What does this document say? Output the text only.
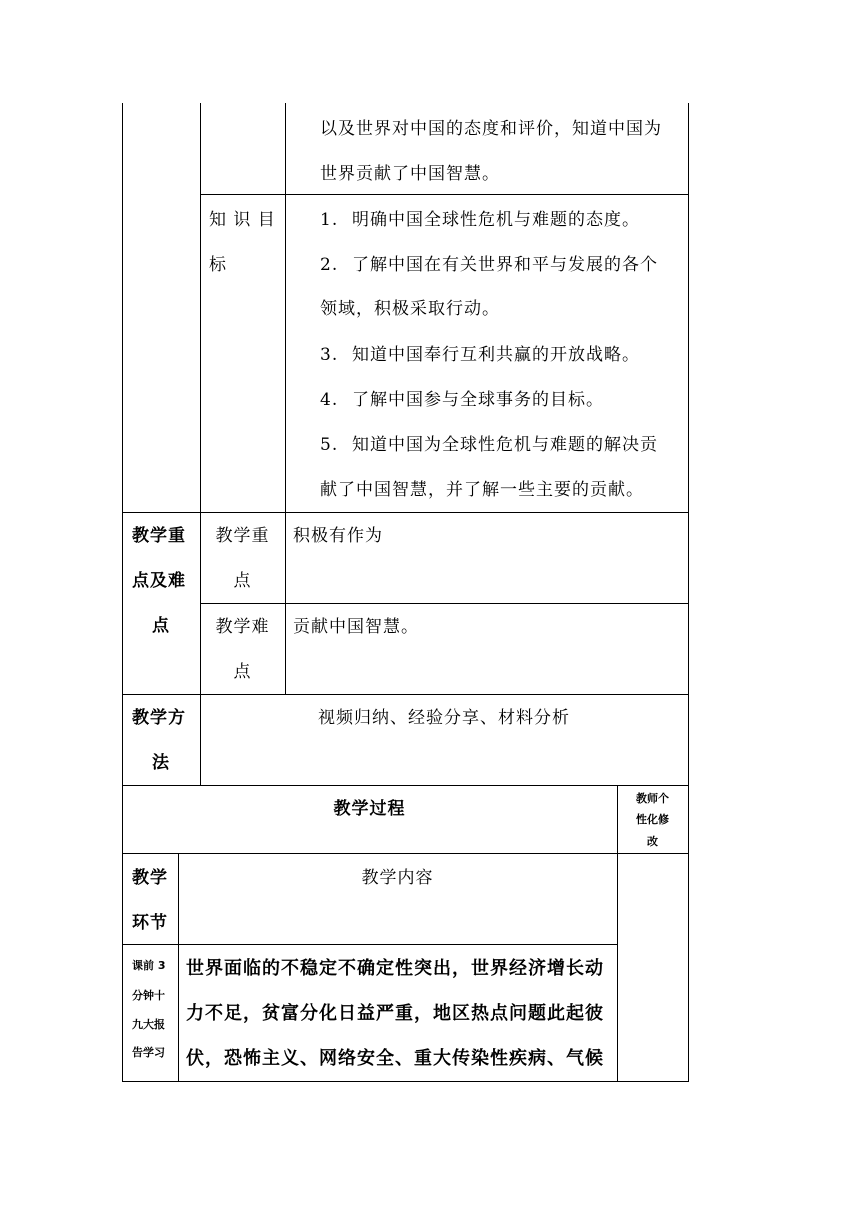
以及世界对中国的态度和评价，知道中国为
世界贡献了中国智慧。
知 识 目
标
1. 明确中国全球性危机与难题的态度。
2. 了解中国在有关世界和平与发展的各个
领域，积极采取行动。
3. 知道中国奉行互利共赢的开放战略。
4. 了解中国参与全球事务的目标。
5. 知道中国为全球性危机与难题的解决贡
献了中国智慧，并了解一些主要的贡献。
教学重
点及难
点
教学重
点
积极有作为
教学难
点
贡献中国智慧。
教学方
法
视频归纳、经验分享、材料分析
教学过程
教师个
性化修
改
教学
环节
教学内容
课前 3
分钟十
九大报
告学习
世界面临的不稳定不确定性突出，世界经济增长动
力不足，贫富分化日益严重，地区热点问题此起彼
伏，恐怖主义、网络安全、重大传染性疾病、气候
